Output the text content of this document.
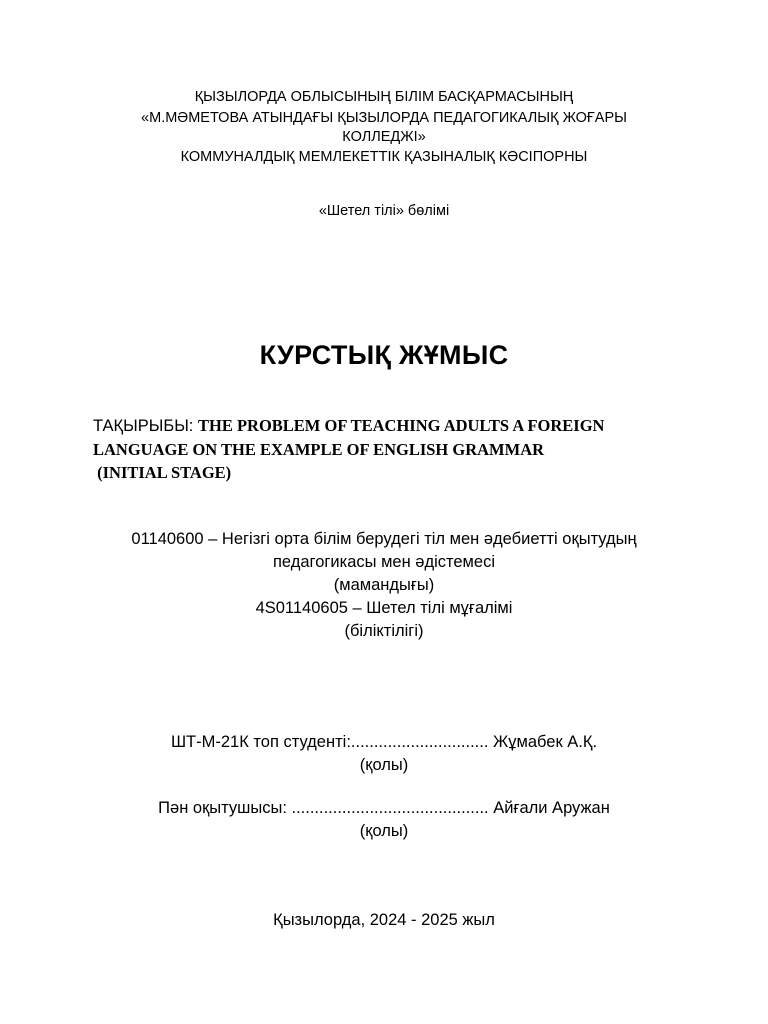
ҚЫЗЫЛОРДА ОБЛЫСЫНЫҢ БІЛІМ БАСҚАРМАСЫНЫҢ
«М.МӘМЕТОВА АТЫНДАҒЫ ҚЫЗЫЛОРДА ПЕДАГОГИКАЛЫҚ ЖОҒАРЫ
КОЛЛЕДЖІ»
КОММУНАЛДЫҚ МЕМЛЕКЕТТІК ҚАЗЫНАЛЫҚ КӘСІПОРНЫ
«Шетел тілі» бөлімі
КУРСТЫҚ ЖҰМЫС
ТАҚЫРЫБЫ: THE PROBLEM OF TEACHING ADULTS A FOREIGN
LANGUAGE ON THE EXAMPLE OF ENGLISH GRAMMAR
(INITIAL STAGE)
01140600 – Негізгі орта білім берудегі тіл мен әдебиетті оқытудың
педагогикасы мен әдістемесі
(мамандығы)
4S01140605 – Шетел тілі мұғалімі
(біліктілігі)
ШТ-М-21К топ студенті:.............................. Жұмабек А.Қ.
(қолы)
Пән оқытушысы: ........................................... Айғали Аружан
(қолы)
Қызылорда, 2024 - 2025 жыл
